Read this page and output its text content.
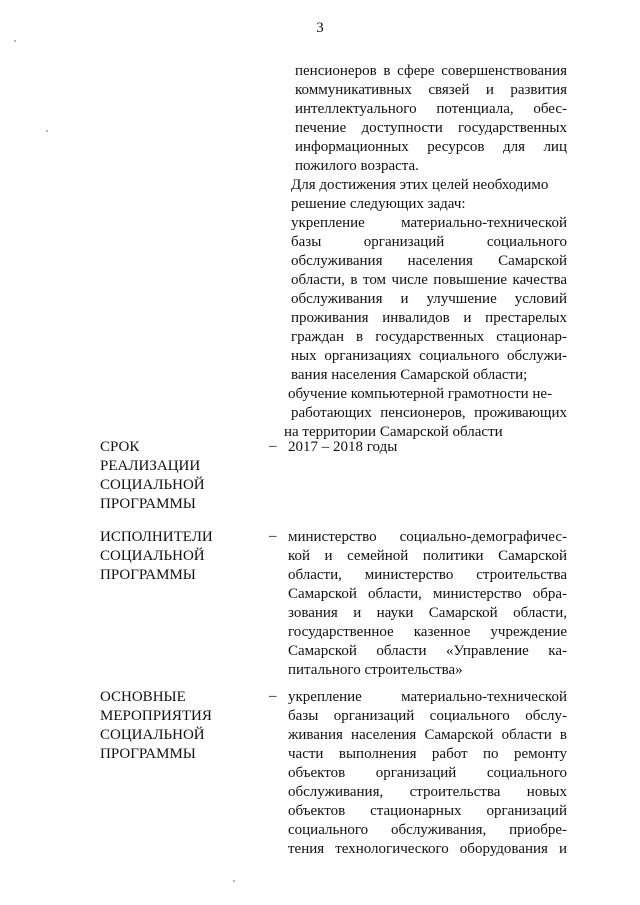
3
пенсионеров в сфере совершенствования
коммуникативных связей и развития
интеллектуального потенциала, обес-
печение доступности государственных
информационных ресурсов для лиц
пожилого возраста.
Для достижения этих целей необходимо
решение следующих задач:
укрепление материально-технической
базы организаций социального
обслуживания населения Самарской
области, в том числе повышение качества
обслуживания и улучшение условий
проживания инвалидов и престарелых
граждан в государственных стационар-
ных организациях социального обслужи-
вания населения Самарской области;
обучение компьютерной грамотности не-
работающих пенсионеров, проживающих
на территории Самарской области
СРОК
РЕАЛИЗАЦИИ
СОЦИАЛЬНОЙ
ПРОГРАММЫ
– 2017 – 2018 годы
ИСПОЛНИТЕЛИ
СОЦИАЛЬНОЙ
ПРОГРАММЫ
– министерство социально-демографичес-
кой и семейной политики Самарской
области, министерство строительства
Самарской области, министерство обра-
зования и науки Самарской области,
государственное казенное учреждение
Самарской области «Управление ка-
питального строительства»
ОСНОВНЫЕ
МЕРОПРИЯТИЯ
СОЦИАЛЬНОЙ
ПРОГРАММЫ
– укрепление материально-технической
базы организаций социального обслу-
живания населения Самарской области в
части выполнения работ по ремонту
объектов организаций социального
обслуживания, строительства новых
объектов стационарных организаций
социального обслуживания, приобре-
тения технологического оборудования и
